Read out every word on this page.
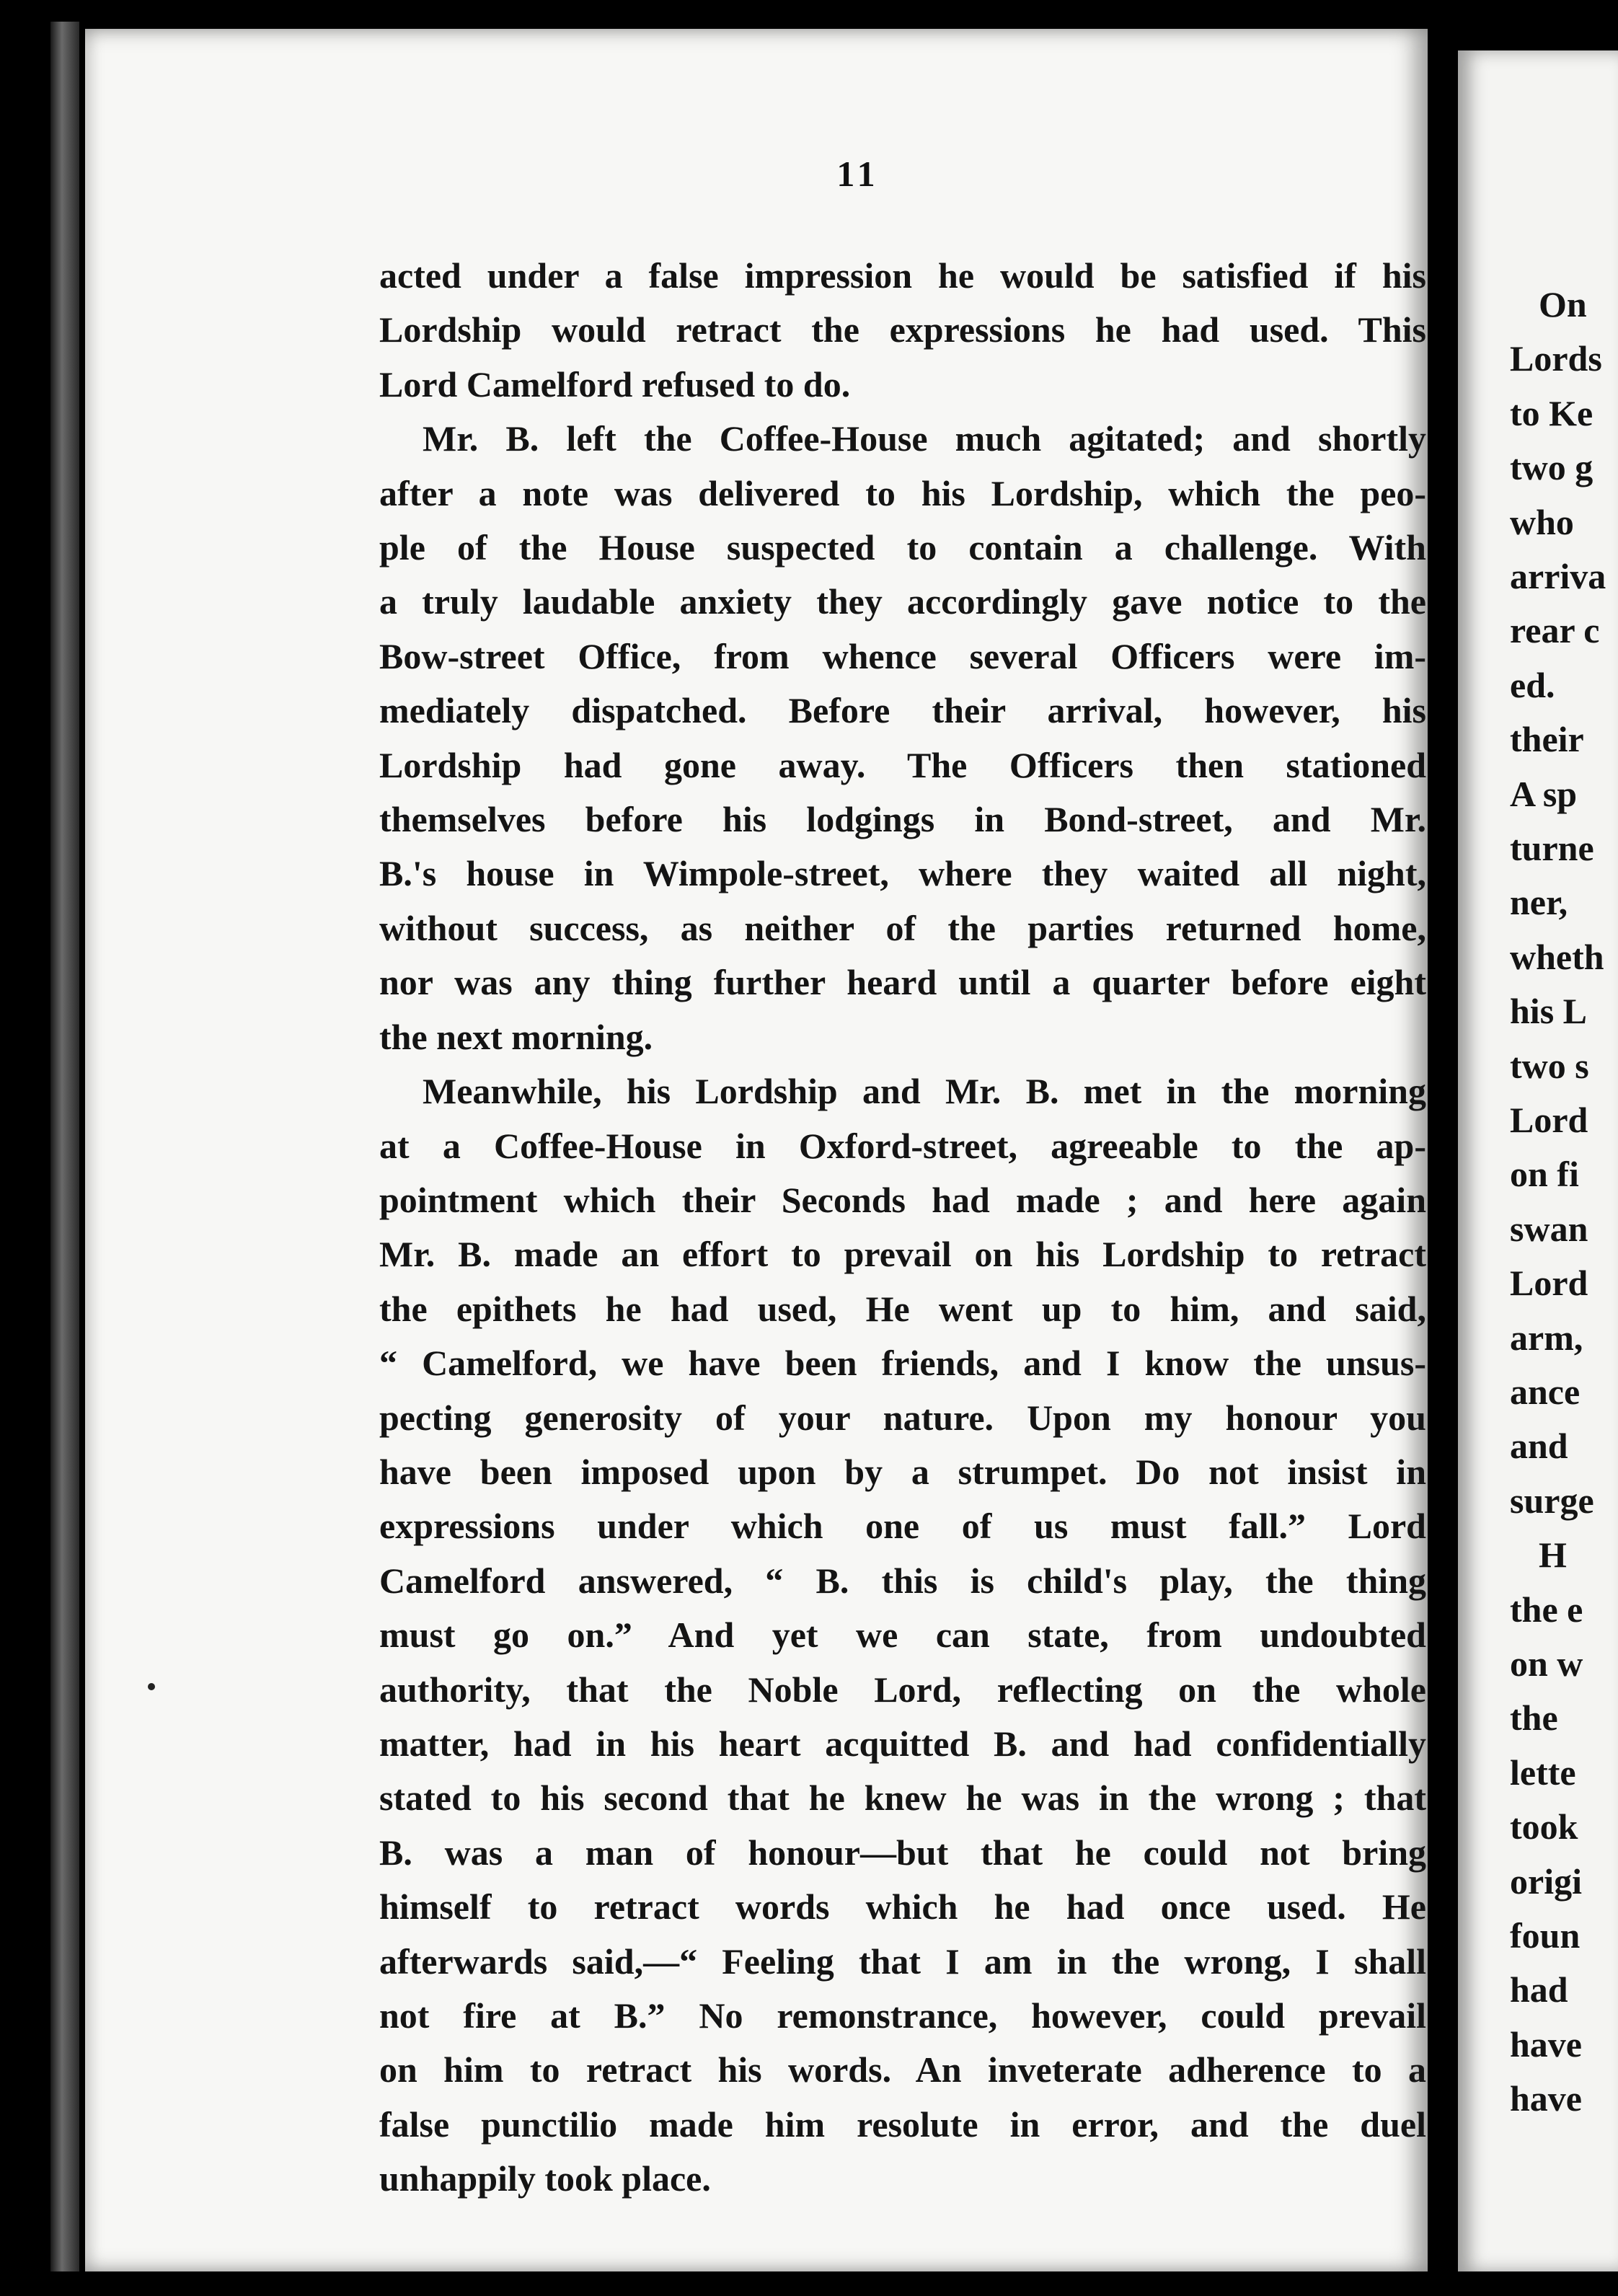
11
acted under a false impression he would be satisfied if his
Lordship would retract the expressions he had used. This
Lord Camelford refused to do.
Mr. B. left the Coffee-House much agitated; and shortly
after a note was delivered to his Lordship, which the peo-
ple of the House suspected to contain a challenge. With
a truly laudable anxiety they accordingly gave notice to the
Bow-street Office, from whence several Officers were im-
mediately dispatched. Before their arrival, however, his
Lordship had gone away. The Officers then stationed
themselves before his lodgings in Bond-street, and Mr.
B.'s house in Wimpole-street, where they waited all night,
without success, as neither of the parties returned home,
nor was any thing further heard until a quarter before eight
the next morning.
Meanwhile, his Lordship and Mr. B. met in the morning
at a Coffee-House in Oxford-street, agreeable to the ap-
pointment which their Seconds had made ; and here again
Mr. B. made an effort to prevail on his Lordship to retract
the epithets he had used, He went up to him, and said,
“ Camelford, we have been friends, and I know the unsus-
pecting generosity of your nature. Upon my honour you
have been imposed upon by a strumpet. Do not insist in
expressions under which one of us must fall.” Lord
Camelford answered, “ B. this is child's play, the thing
must go on.” And yet we can state, from undoubted
authority, that the Noble Lord, reflecting on the whole
matter, had in his heart acquitted B. and had confidentially
stated to his second that he knew he was in the wrong ; that
B. was a man of honour—but that he could not bring
himself to retract words which he had once used. He
afterwards said,—“ Feeling that I am in the wrong, I shall
not fire at B.” No remonstrance, however, could prevail
on him to retract his words. An inveterate adherence to a
false punctilio made him resolute in error, and the duel
unhappily took place.
On
Lords
to Ke
two g
who
arriva
rear c
ed.
their
A sp
turne
ner,
wheth
his L
two s
Lord
on fi
swan
Lord
arm,
ance
and
surge
H
the e
on w
the
lette
took
origi
foun
had
have
have
